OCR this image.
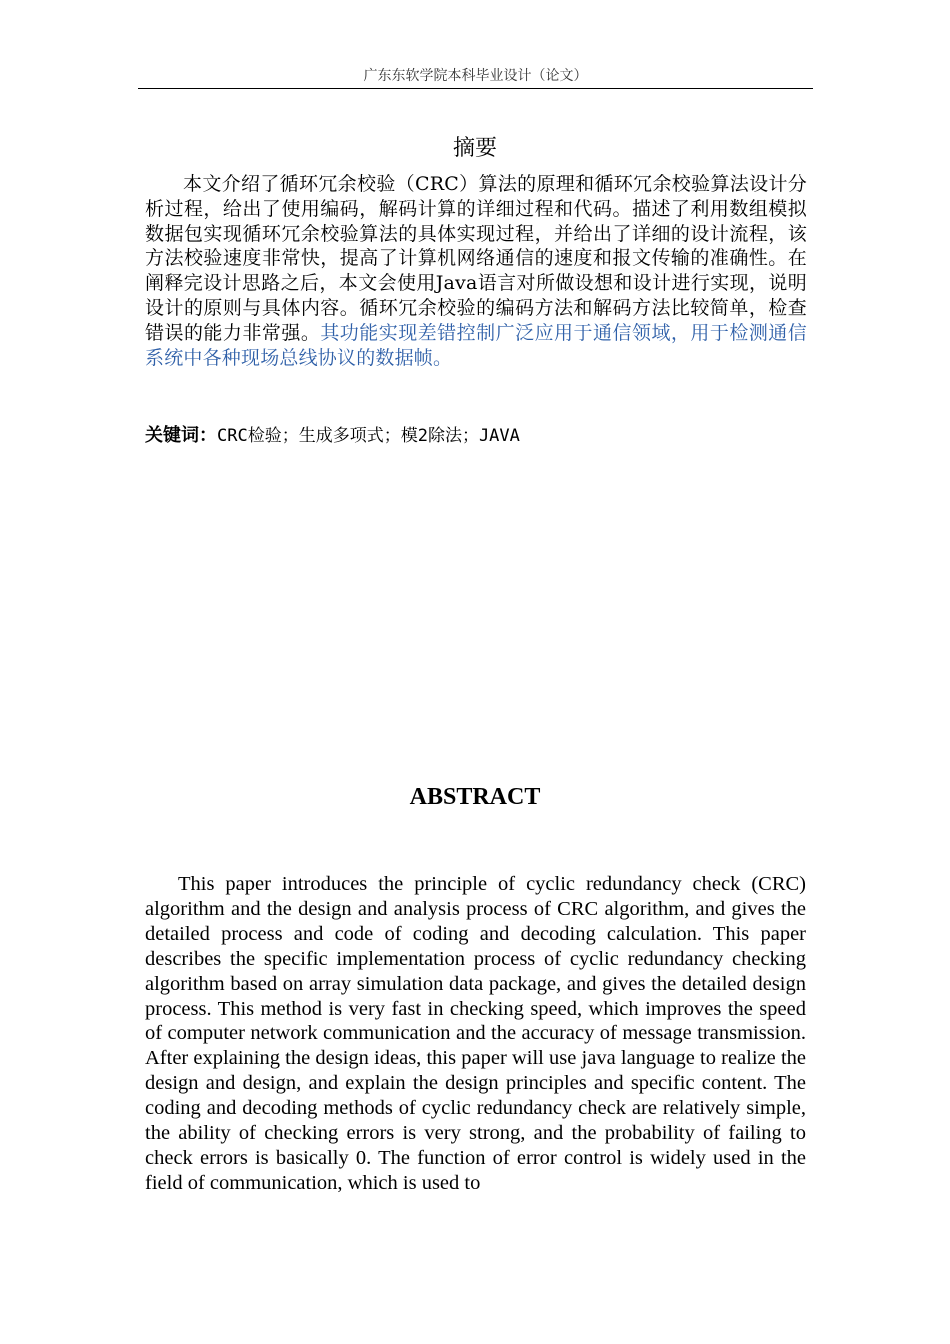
广东东软学院本科毕业设计（论文）
摘要
本文介绍了循环冗余校验（CRC）算法的原理和循环冗余校验算法设计分析过程，给出了使用编码，解码计算的详细过程和代码。描述了利用数组模拟数据包实现循环冗余校验算法的具体实现过程，并给出了详细的设计流程，该方法校验速度非常快，提高了计算机网络通信的速度和报文传输的准确性。在阐释完设计思路之后，本文会使用Java语言对所做设想和设计进行实现，说明设计的原则与具体内容。循环冗余校验的编码方法和解码方法比较简单，检查错误的能力非常强。其功能实现差错控制广泛应用于通信领域，用于检测通信系统中各种现场总线协议的数据帧。
关键词：CRC检验；生成多项式；模2除法；JAVA
ABSTRACT
This paper introduces the principle of cyclic redundancy check (CRC) algorithm and the design and analysis process of CRC algorithm, and gives the detailed process and code of coding and decoding calculation. This paper describes the specific implementation process of cyclic redundancy checking algorithm based on array simulation data package, and gives the detailed design process. This method is very fast in checking speed, which improves the speed of computer network communication and the accuracy of message transmission. After explaining the design ideas, this paper will use java language to realize the design and design, and explain the design principles and specific content. The coding and decoding methods of cyclic redundancy check are relatively simple, the ability of checking errors is very strong, and the probability of failing to check errors is basically 0. The function of error control is widely used in the field of communication, which is used to
